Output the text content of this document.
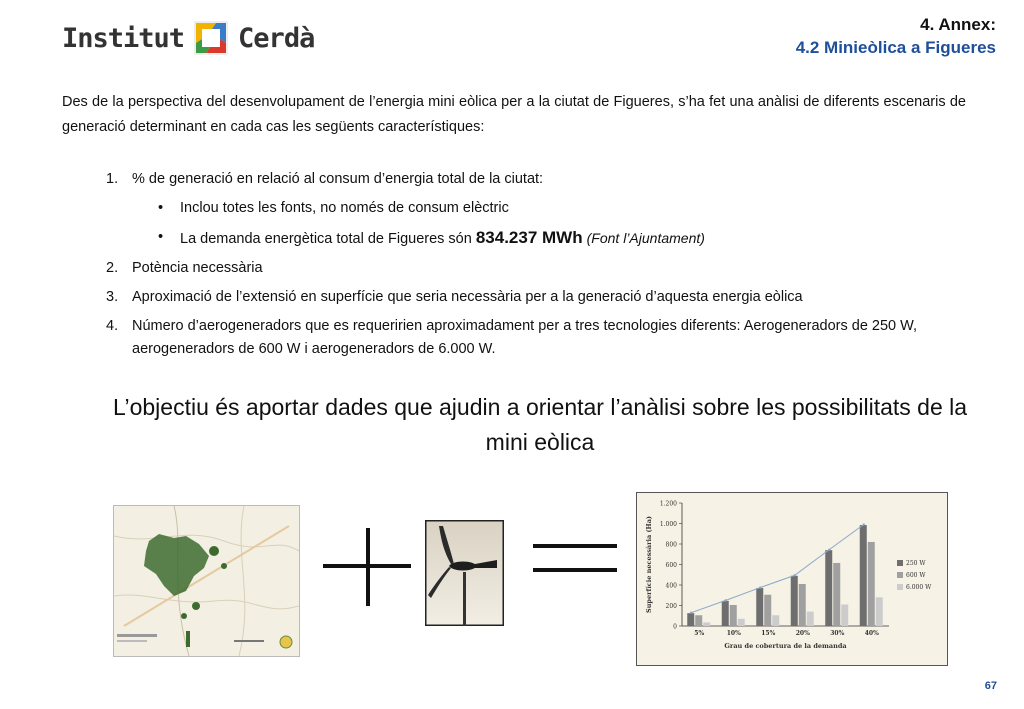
Institut Cerdà	4. Annex:
4.2 Minieòlica a Figueres
Des de la perspectiva del desenvolupament de l’energia mini eòlica per a la ciutat de Figueres, s’ha fet una anàlisi de diferents escenaris de generació determinant en cada cas les següents característiques:
1. % de generació en relació al consum d’energia total de la ciutat:
•	Inclou totes les fonts, no només de consum elèctric
•	La demanda energètica total de Figueres són 834.237 MWh (Font l’Ajuntament)
2. Potència necessària
3. Aproximació de l’extensió en superfície que seria necessària per a la generació d’aquesta energia eòlica
4. Número d’aerogeneradors que es requeririen aproximadament per a tres tecnologies diferents: Aerogeneradors de 250 W, aerogeneradors de 600 W i aerogeneradors de 6.000 W.
L’objectiu és aportar dades que ajudin a orientar l’anàlisi sobre les possibilitats de la mini eòlica
0
200
400
600
800
1.000
1.200
Superfície necessària (Ha)
5%	10%	15%	20%	30%	40%
Grau de cobertura de la demanda
250 W
600 W
6.000 W
67
